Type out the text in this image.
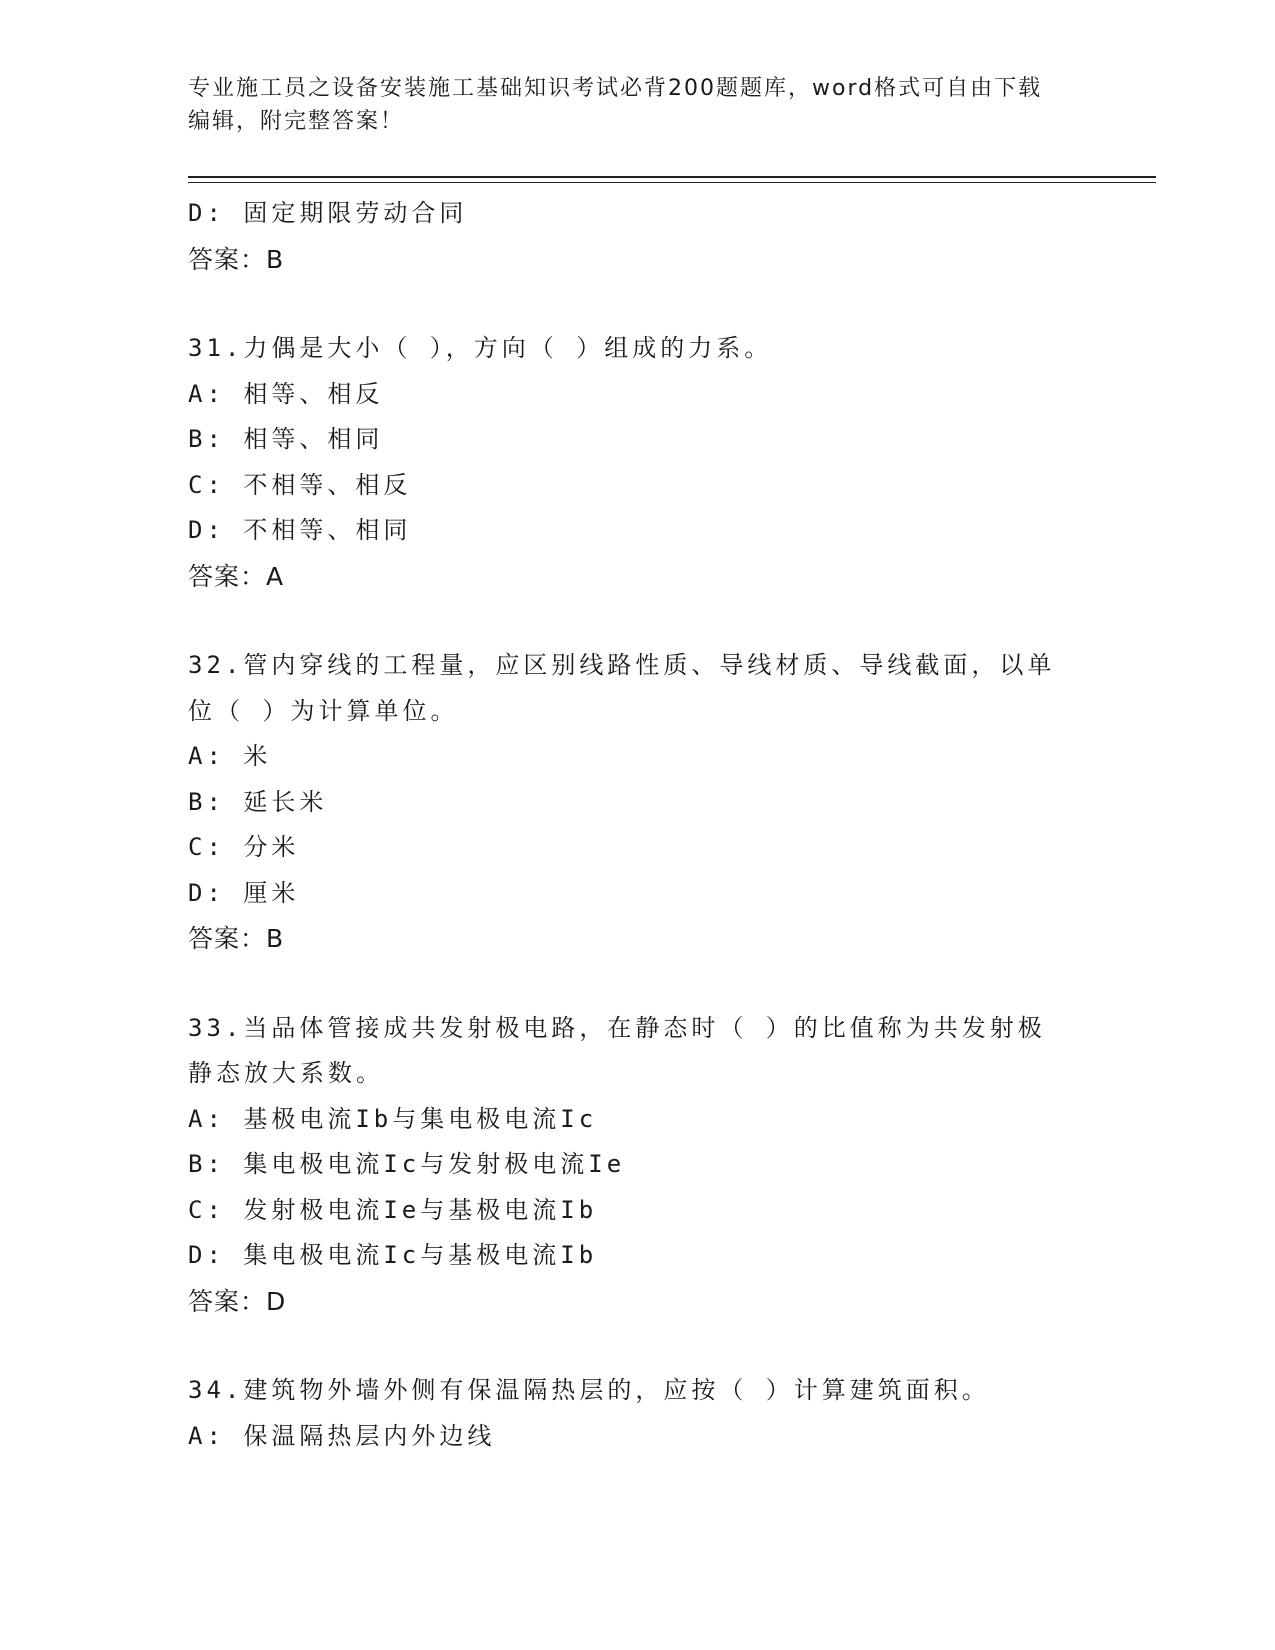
专业施工员之设备安装施工基础知识考试必背200题题库，word格式可自由下载
编辑，附完整答案！
D: 固定期限劳动合同
答案：B
31.力偶是大小（ ），方向（ ）组成的力系。
A: 相等、相反
B: 相等、相同
C: 不相等、相反
D: 不相等、相同
答案：A
32.管内穿线的工程量，应区别线路性质、导线材质、导线截面，以单
位（ ）为计算单位。
A: 米
B: 延长米
C: 分米
D: 厘米
答案：B
33.当品体管接成共发射极电路，在静态时（ ）的比值称为共发射极
静态放大系数。
A: 基极电流Ib与集电极电流Ic
B: 集电极电流Ic与发射极电流Ie
C: 发射极电流Ie与基极电流Ib
D: 集电极电流Ic与基极电流Ib
答案：D
34.建筑物外墙外侧有保温隔热层的，应按（ ）计算建筑面积。
A: 保温隔热层内外边线
